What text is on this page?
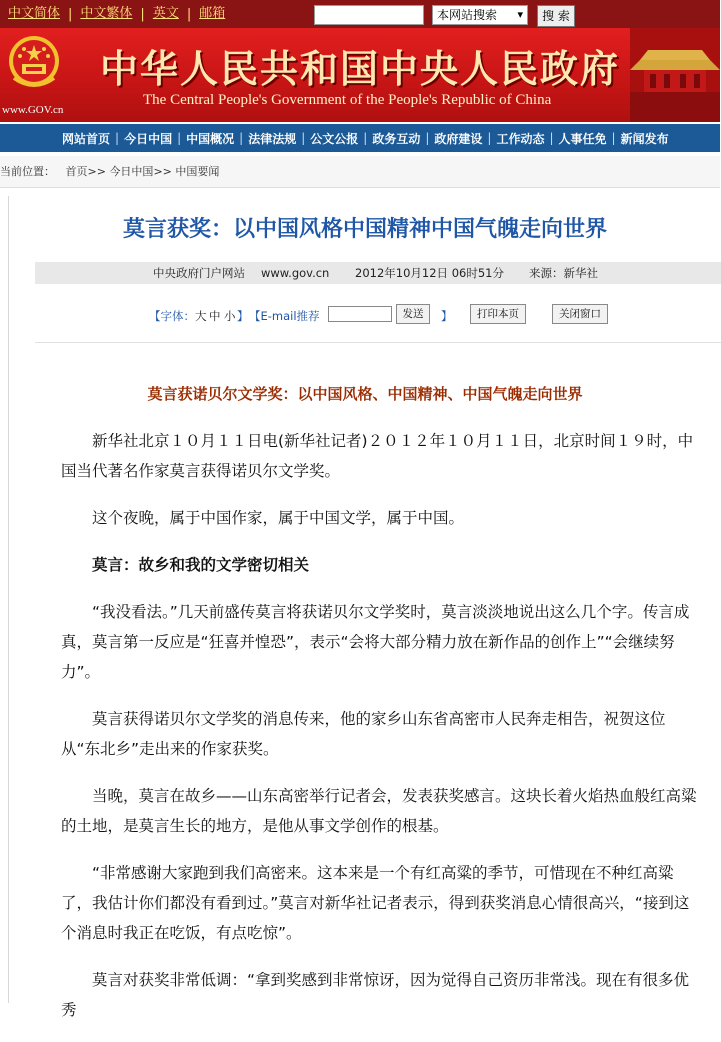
中文简体 | 中文繁体 | 英文 | 邮箱	本网站搜索 ▾	搜 索
www.GOV.cn
中华人民共和国中央人民政府
The Central People's Government of the People's Republic of China
网站首页 | 今日中国 | 中国概况 | 法律法规 | 公文公报 | 政务互动 | 政府建设 | 工作动态 | 人事任免 | 新闻发布
当前位置： 首页>> 今日中国>> 中国要闻
莫言获奖：以中国风格中国精神中国气魄走向世界
中央政府门户网站 www.gov.cn 2012年10月12日 06时51分 来源：新华社
【字体： 大 中 小 】 【E-mail推荐	发送	】	打印本页	关闭窗口
莫言获诺贝尔文学奖：以中国风格、中国精神、中国气魄走向世界

新华社北京１０月１１日电(新华社记者)２０１２年１０月１１日，北京时间１９时，中国当代著名作家莫言获得诺贝尔文学奖。

这个夜晚，属于中国作家，属于中国文学，属于中国。

莫言：故乡和我的文学密切相关

“我没看法。”几天前盛传莫言将获诺贝尔文学奖时，莫言淡淡地说出这么几个字。传言成真，莫言第一反应是“狂喜并惶恐”，表示“会将大部分精力放在新作品的创作上”“会继续努力”。

莫言获得诺贝尔文学奖的消息传来，他的家乡山东省高密市人民奔走相告，祝贺这位从“东北乡”走出来的作家获奖。

当晚，莫言在故乡——山东高密举行记者会，发表获奖感言。这块长着火焰热血般红高粱的土地，是莫言生长的地方，是他从事文学创作的根基。

“非常感谢大家跑到我们高密来。这本来是一个有红高粱的季节，可惜现在不种红高粱了，我估计你们都没有看到过。”莫言对新华社记者表示，得到获奖消息心情很高兴，“接到这个消息时我正在吃饭，有点吃惊”。

莫言对获奖非常低调：“拿到奖感到非常惊讶，因为觉得自己资历非常浅。现在有很多优秀
